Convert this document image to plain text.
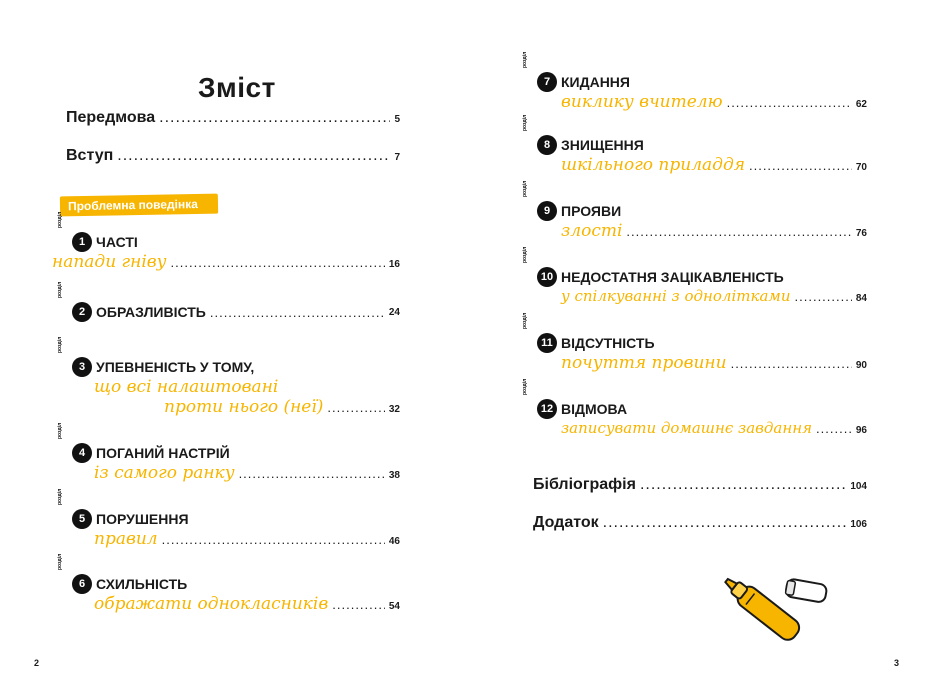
Зміст
Передмова .....	5
Вступ .....	7
Проблемна поведінка
розділ
1 ЧАСТІ
напади гніву .....	16
розділ
2 ОБРАЗЛИВІСТЬ .....	24
розділ
3 УПЕВНЕНІСТЬ У ТОМУ,
що всі налаштовані
проти нього (неї) .....	32
розділ
4 ПОГАНИЙ НАСТРІЙ
із самого ранку .....	38
розділ
5 ПОРУШЕННЯ
правил .....	46
розділ
6 СХИЛЬНІСТЬ
ображати однокласників .....	54
розділ
7 КИДАННЯ
виклику вчителю .....	62
розділ
8 ЗНИЩЕННЯ
шкільного приладдя .....	70
розділ
9 ПРОЯВИ
злості .....	76
розділ
10 НЕДОСТАТНЯ ЗАЦІКАВЛЕНІСТЬ
у спілкуванні з однолітками .....	84
розділ
11 ВІДСУТНІСТЬ
почуття провини .....	90
розділ
12 ВІДМОВА
записувати домашнє завдання .....	96
Бібліографія .....	104
Додаток .....	106
2	3
